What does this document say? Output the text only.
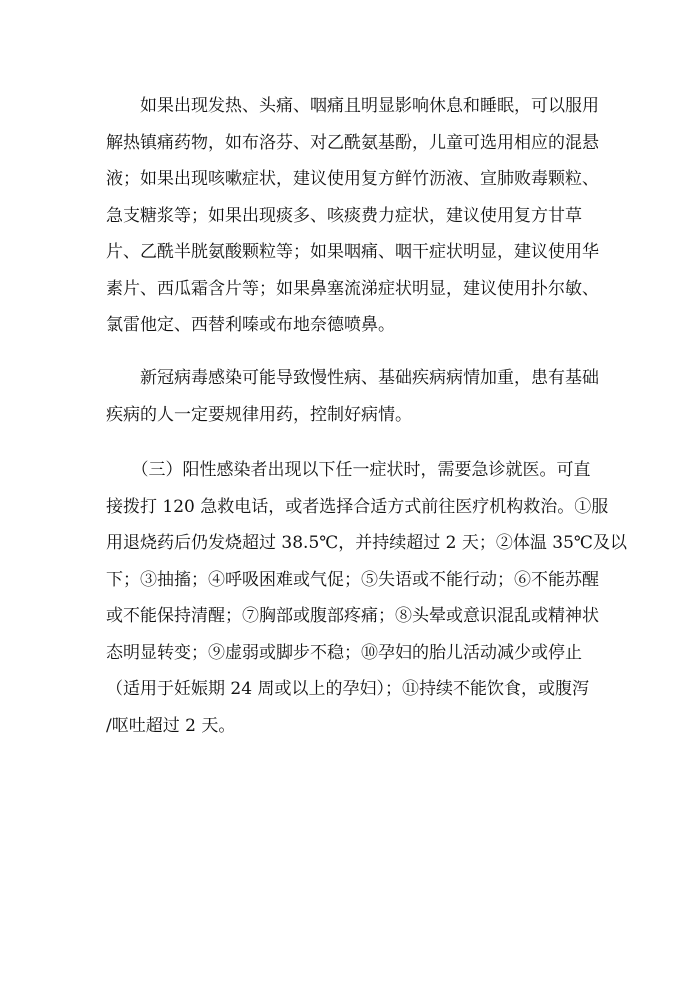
　　如果出现发热、头痛、咽痛且明显影响休息和睡眠，可以服用
解热镇痛药物，如布洛芬、对乙酰氨基酚，儿童可选用相应的混悬
液；如果出现咳嗽症状，建议使用复方鲜竹沥液、宣肺败毒颗粒、
急支糖浆等；如果出现痰多、咳痰费力症状，建议使用复方甘草
片、乙酰半胱氨酸颗粒等；如果咽痛、咽干症状明显，建议使用华
素片、西瓜霜含片等；如果鼻塞流涕症状明显，建议使用扑尔敏、
氯雷他定、西替利嗪或布地奈德喷鼻。
　　新冠病毒感染可能导致慢性病、基础疾病病情加重，患有基础
疾病的人一定要规律用药，控制好病情。
　　（三）阳性感染者出现以下任一症状时，需要急诊就医。可直
接拨打 120 急救电话，或者选择合适方式前往医疗机构救治。①服
用退烧药后仍发烧超过 38.5℃，并持续超过 2 天；②体温 35℃及以
下；③抽搐；④呼吸困难或气促；⑤失语或不能行动；⑥不能苏醒
或不能保持清醒；⑦胸部或腹部疼痛；⑧头晕或意识混乱或精神状
态明显转变；⑨虚弱或脚步不稳；⑩孕妇的胎儿活动减少或停止
（适用于妊娠期 24 周或以上的孕妇）；⑪持续不能饮食，或腹泻
/呕吐超过 2 天。
